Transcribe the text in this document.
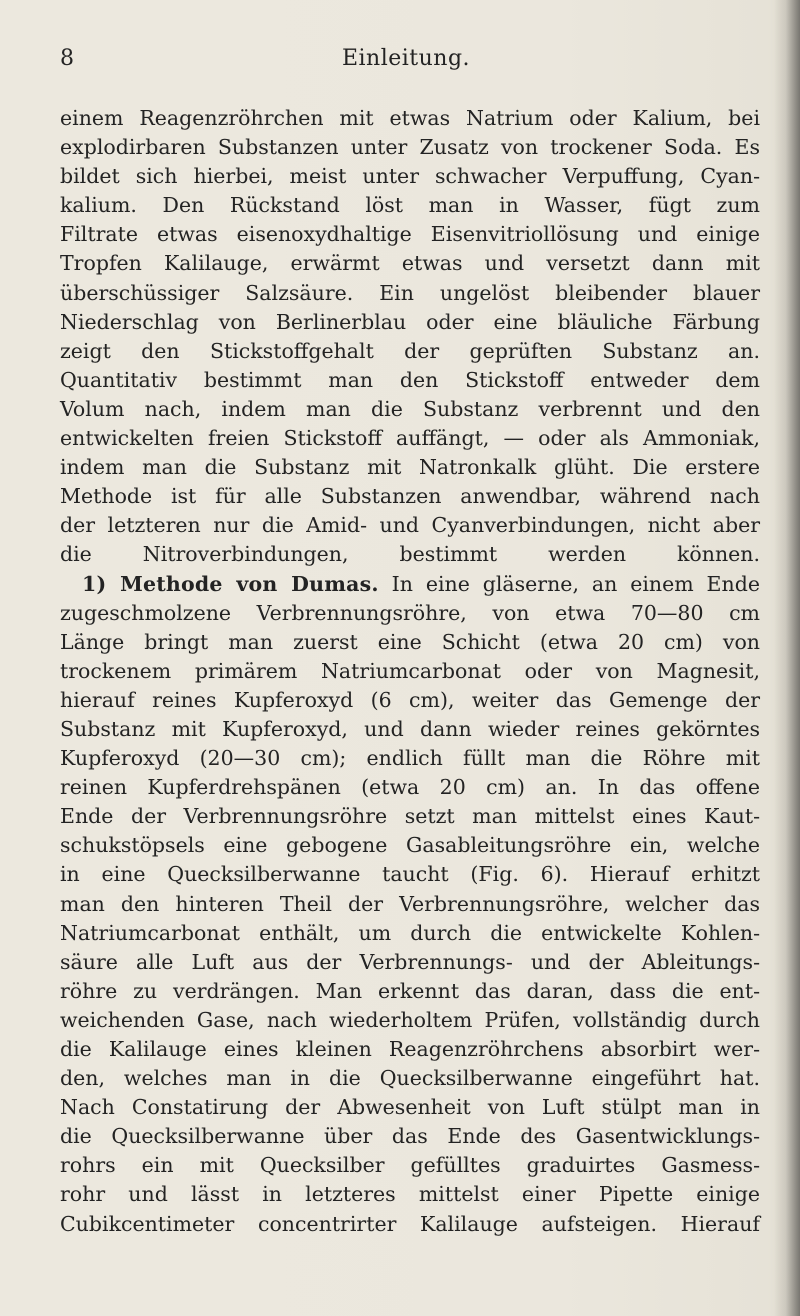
8	Einleitung.
einem Reagenzröhrchen mit etwas Natrium oder Kalium, bei
explodirbaren Substanzen unter Zusatz von trockener Soda. Es
bildet sich hierbei, meist unter schwacher Verpuffung, Cyan-
kalium. Den Rückstand löst man in Wasser, fügt zum
Filtrate etwas eisenoxydhaltige Eisenvitriollösung und einige
Tropfen Kalilauge, erwärmt etwas und versetzt dann mit
überschüssiger Salzsäure. Ein ungelöst bleibender blauer
Niederschlag von Berlinerblau oder eine bläuliche Färbung
zeigt den Stickstoffgehalt der geprüften Substanz an.
Quantitativ bestimmt man den Stickstoff entweder dem
Volum nach, indem man die Substanz verbrennt und den
entwickelten freien Stickstoff auffängt, — oder als Ammoniak,
indem man die Substanz mit Natronkalk glüht. Die erstere
Methode ist für alle Substanzen anwendbar, während nach
der letzteren nur die Amid- und Cyanverbindungen, nicht aber
die Nitroverbindungen, bestimmt werden können.
1) Methode von Dumas. In eine gläserne, an einem Ende
zugeschmolzene Verbrennungsröhre, von etwa 70—80 cm
Länge bringt man zuerst eine Schicht (etwa 20 cm) von
trockenem primärem Natriumcarbonat oder von Magnesit,
hierauf reines Kupferoxyd (6 cm), weiter das Gemenge der
Substanz mit Kupferoxyd, und dann wieder reines gekörntes
Kupferoxyd (20—30 cm); endlich füllt man die Röhre mit
reinen Kupferdrehspänen (etwa 20 cm) an. In das offene
Ende der Verbrennungsröhre setzt man mittelst eines Kaut-
schukstöpsels eine gebogene Gasableitungsröhre ein, welche
in eine Quecksilberwanne taucht (Fig. 6). Hierauf erhitzt
man den hinteren Theil der Verbrennungsröhre, welcher das
Natriumcarbonat enthält, um durch die entwickelte Kohlen-
säure alle Luft aus der Verbrennungs- und der Ableitungs-
röhre zu verdrängen. Man erkennt das daran, dass die ent-
weichenden Gase, nach wiederholtem Prüfen, vollständig durch
die Kalilauge eines kleinen Reagenzröhrchens absorbirt wer-
den, welches man in die Quecksilberwanne eingeführt hat.
Nach Constatirung der Abwesenheit von Luft stülpt man in
die Quecksilberwanne über das Ende des Gasentwicklungs-
rohrs ein mit Quecksilber gefülltes graduirtes Gasmess-
rohr und lässt in letzteres mittelst einer Pipette einige
Cubikcentimeter concentrirter Kalilauge aufsteigen. Hierauf
